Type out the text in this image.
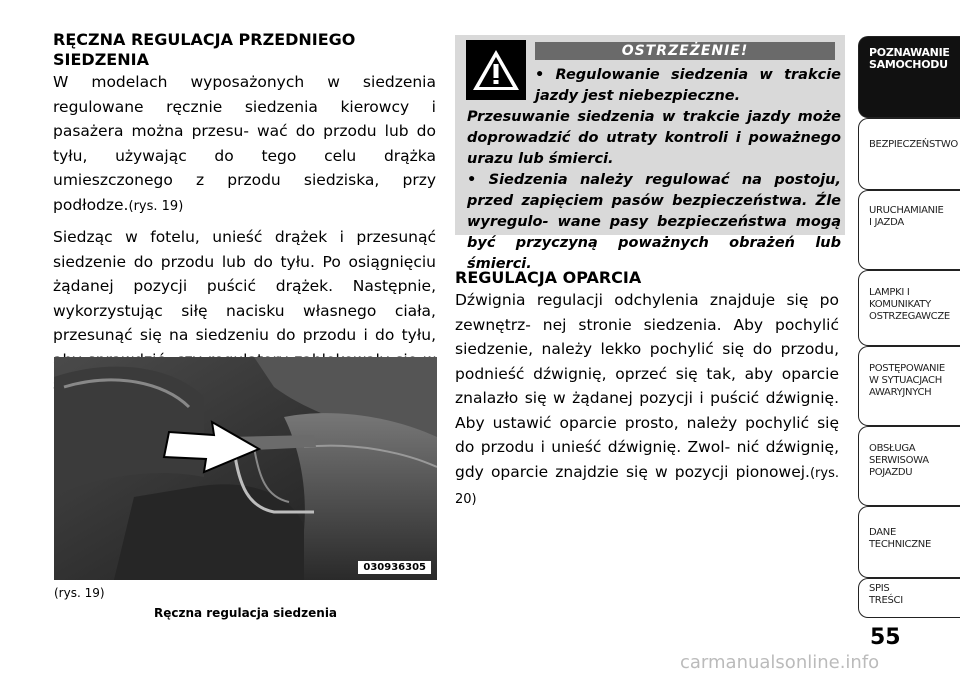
RĘCZNA REGULACJA PRZEDNIEGO SIEDZENIA

W modelach wyposażonych w siedzenia regulowane ręcznie siedzenia kierowcy i pasażera można przesu- wać do przodu lub do tyłu, używając do tego celu drążka umieszczonego z przodu siedziska, przy podłodze.(rys. 19)

Siedząc w fotelu, unieść drążek i przesunąć siedzenie do przodu lub do tyłu. Po osiągnięciu żądanej pozycji puścić drążek. Następnie, wykorzystując siłę nacisku własnego ciała, przesunąć się na siedzeniu do przodu i do tyłu,

OSTRZEŻENIE!

• Regulowanie siedzenia w trakcie jazdy jest niebezpieczne.
Przesuwanie siedzenia w trakcie jazdy może doprowadzić do utraty kontroli i poważnego urazu lub śmierci.

• Siedzenia należy regulować na postoju, przed zapięciem pasów bezpieczeństwa. Źle wyregulo- wane pasy bezpieczeństwa mogą być przyczyną poważnych obrażeń lub śmierci.

REGULACJA OPARCIA

Dźwignia regulacji odchylenia znajduje się po zewnętrz- nej stronie siedzenia. Aby pochylić siedzenie, należy lekko pochylić się do przodu, podnieść dźwignię, oprzeć się tak, aby oparcie znalazło się w żądanej pozycji i puścić dźwignię. Aby ustawić oparcie prosto, należy pochylić się do przodu i unieść dźwignię. Zwol- nić dźwignię, gdy oparcie znajdzie się w pozycji pionowej.(rys. 20)

030936305
(rys. 19)
Ręczna regulacja siedzenia
POZNAWANIE
SAMOCHODU
BEZPIECZEŃSTWO
URUCHAMIANIE
I JAZDA
LAMPKI I
KOMUNIKATY
OSTRZEGAWCZE
POSTĘPOWANIE
W SYTUACJACH
AWARYJNYCH
OBSŁUGA
SERWISOWA
POJAZDU
DANE
TECHNICZNE
SPIS
TREŚCI
55
carmanualsonline.info
